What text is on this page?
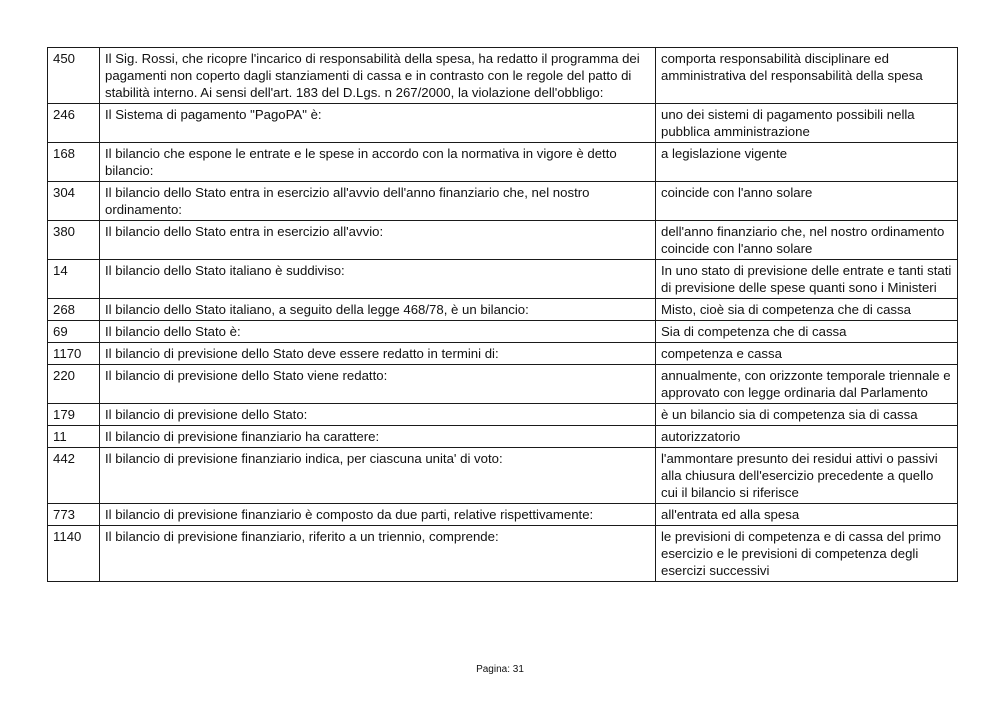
450	Il Sig. Rossi, che ricopre l'incarico di responsabilità della spesa, ha redatto il programma dei pagamenti non coperto dagli stanziamenti di cassa e in contrasto con le regole del patto di stabilità interno. Ai sensi dell'art. 183 del D.Lgs. n 267/2000, la violazione dell'obbligo:	comporta responsabilità disciplinare ed amministrativa del responsabilità della spesa
246	Il Sistema di pagamento "PagoPA" è:	uno dei sistemi di pagamento possibili nella pubblica amministrazione
168	Il bilancio che espone le entrate e le spese in accordo con la normativa in vigore è detto bilancio:	a legislazione vigente
304	Il bilancio dello Stato entra in esercizio all'avvio dell'anno finanziario che, nel nostro ordinamento:	coincide con l'anno solare
380	Il bilancio dello Stato entra in esercizio all'avvio:	dell'anno finanziario che, nel nostro ordinamento coincide con l'anno solare
14	Il bilancio dello Stato italiano è suddiviso:	In uno stato di previsione delle entrate e tanti stati di previsione delle spese quanti sono i Ministeri
268	Il bilancio dello Stato italiano, a seguito della legge 468/78, è un bilancio:	Misto, cioè sia di competenza che di cassa
69	Il bilancio dello Stato è:	Sia di competenza che di cassa
1170	Il bilancio di previsione dello Stato deve essere redatto in termini di:	competenza e cassa
220	Il bilancio di previsione dello Stato viene redatto:	annualmente, con orizzonte temporale triennale e approvato con legge ordinaria dal Parlamento
179	Il bilancio di previsione dello Stato:	è un bilancio sia di competenza sia di cassa
11	Il bilancio di previsione finanziario ha carattere:	autorizzatorio
442	Il bilancio di previsione finanziario indica, per ciascuna unita' di voto:	l'ammontare presunto dei residui attivi o passivi alla chiusura dell'esercizio precedente a quello cui il bilancio si riferisce
773	Il bilancio di previsione finanziario è composto da due parti, relative rispettivamente:	all'entrata ed alla spesa
1140	Il bilancio di previsione finanziario, riferito a un triennio, comprende:	le previsioni di competenza e di cassa del primo esercizio e le previsioni di competenza degli esercizi successivi
Pagina: 31
